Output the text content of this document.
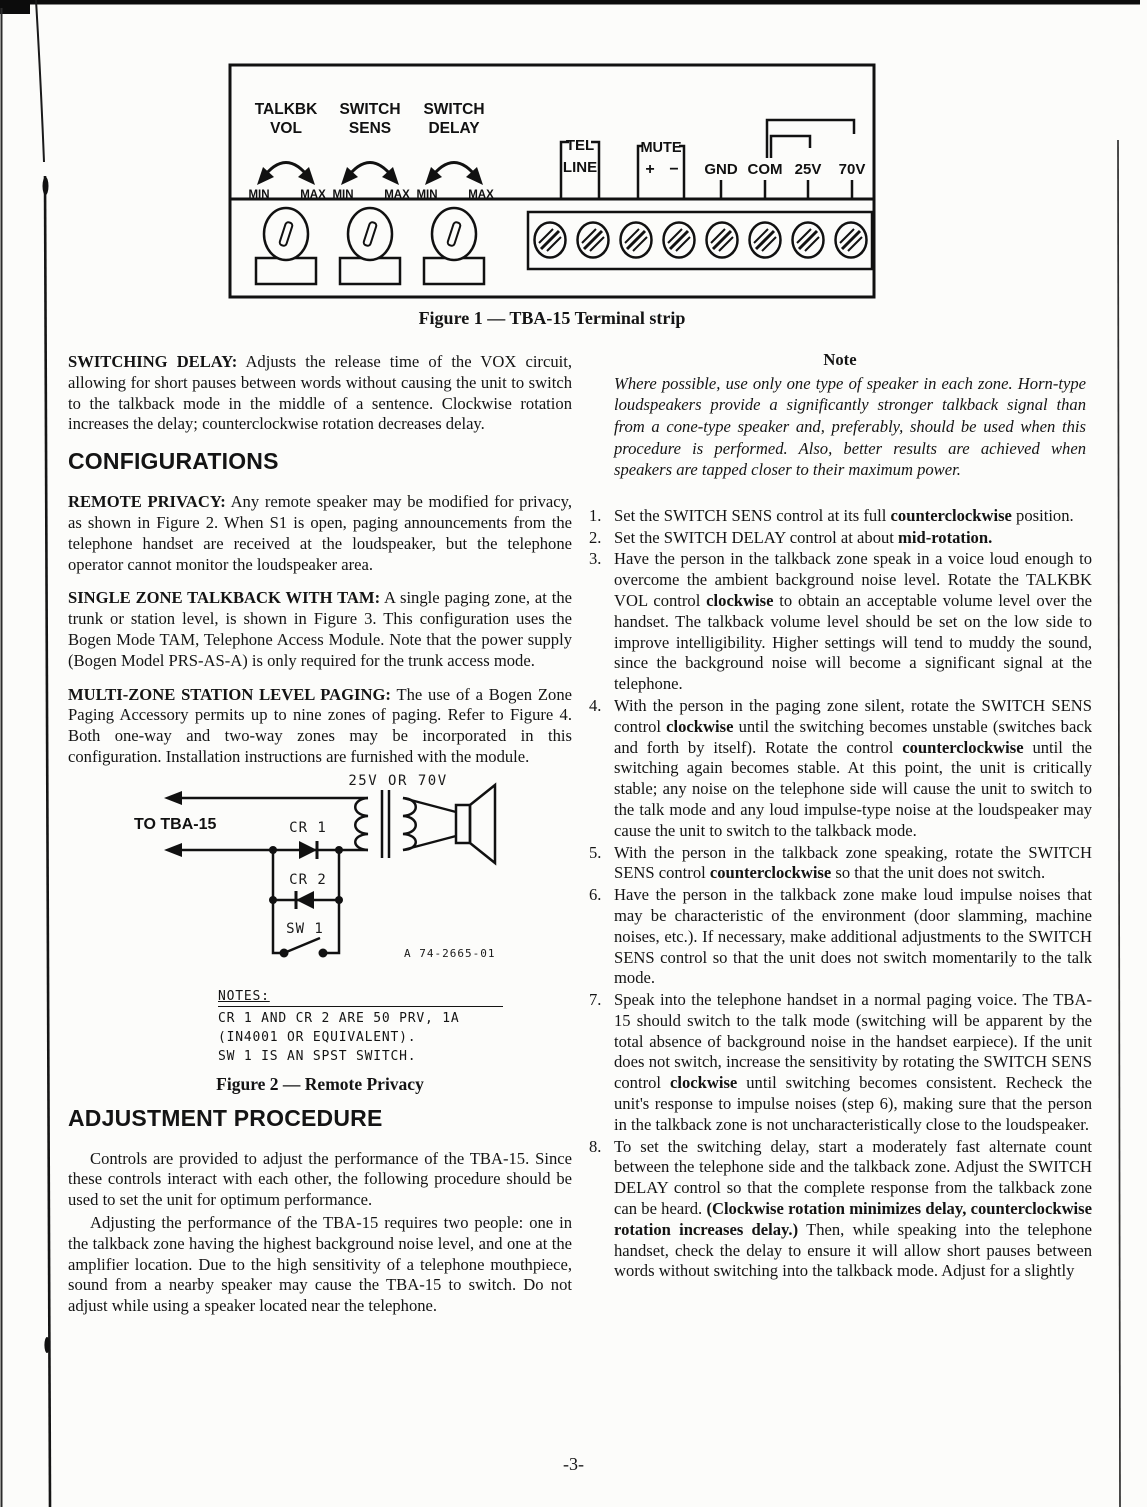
TALKBK
VOL
MIN	MAX
SWITCH
SENS
MIN	MAX
SWITCH
DELAY
MIN	MAX
TEL
LINE
MUTE
+ − GND COM 25V 70V
Figure 1 — TBA-15 Terminal strip

SWITCHING DELAY: Adjusts the release time of the VOX circuit, allowing for short pauses between words without causing the unit to switch to the talkback mode in the middle of a sentence. Clockwise rotation increases the delay; counterclockwise rotation decreases delay.

CONFIGURATIONS

REMOTE PRIVACY: Any remote speaker may be modified for privacy, as shown in Figure 2. When S1 is open, paging announcements from the telephone handset are received at the loudspeaker, but the telephone operator cannot monitor the loudspeaker area.

SINGLE ZONE TALKBACK WITH TAM: A single paging zone, at the trunk or station level, is shown in Figure 3. This configuration uses the Bogen Mode TAM, Telephone Access Module. Note that the power supply (Bogen Model PRS-AS-A) is only required for the trunk access mode.

MULTI-ZONE STATION LEVEL PAGING: The use of a Bogen Zone Paging Accessory permits up to nine zones of paging. Refer to Figure 4. Both one-way and two-way zones may be incorporated in this configuration. Installation instructions are furnished with the module.

25V OR 70V
TO TBA-15	CR 1
CR 2
SW 1
A 74-2665-01
NOTES:
CR 1 AND CR 2 ARE 50 PRV, 1A
(IN4001 OR EQUIVALENT).
SW 1 IS AN SPST SWITCH.
Figure 2 — Remote Privacy
ADJUSTMENT PROCEDURE

Controls are provided to adjust the performance of the TBA-15. Since these controls interact with each other, the following procedure should be used to set the unit for optimum performance.

Adjusting the performance of the TBA-15 requires two people: one in the talkback zone having the highest background noise level, and one at the amplifier location. Due to the high sensitivity of a telephone mouthpiece, sound from a nearby speaker may cause the TBA-15 to switch. Do not adjust while using a speaker located near the telephone.

Note
Where possible, use only one type of speaker in each zone. Horn-type loudspeakers provide a significantly stronger talkback signal than from a cone-type speaker and, preferably, should be used when this procedure is performed. Also, better results are achieved when speakers are tapped closer to their maximum power.
1. Set the SWITCH SENS control at its full counterclockwise position.
2. Set the SWITCH DELAY control at about mid-rotation.
3. Have the person in the talkback zone speak in a voice loud enough to overcome the ambient background noise level. Rotate the TALKBK VOL control clockwise to obtain an acceptable volume level over the handset. The talkback volume level should be set on the low side to improve intelligibility. Higher settings will tend to muddy the sound, since the background noise will become a significant signal at the telephone.
4. With the person in the paging zone silent, rotate the SWITCH SENS control clockwise until the switching becomes unstable (switches back and forth by itself). Rotate the control counterclockwise until the switching again becomes stable. At this point, the unit is critically stable; any noise on the telephone side will cause the unit to switch to the talk mode and any loud impulse-type noise at the loudspeaker may cause the unit to switch to the talkback mode.
5. With the person in the talkback zone speaking, rotate the SWITCH SENS control counterclockwise so that the unit does not switch.
6. Have the person in the talkback zone make loud impulse noises that may be characteristic of the environment (door slamming, machine noises, etc.). If necessary, make additional adjustments to the SWITCH SENS control so that the unit does not switch momentarily to the talk mode.
7. Speak into the telephone handset in a normal paging voice. The TBA-15 should switch to the talk mode (switching will be apparent by the total absence of background noise in the handset earpiece). If the unit does not switch, increase the sensitivity by rotating the SWITCH SENS control clockwise until switching becomes consistent. Recheck the unit's response to impulse noises (step 6), making sure that the person in the talkback zone is not uncharacteristically close to the loudspeaker.
8. To set the switching delay, start a moderately fast alternate count between the telephone side and the talkback zone. Adjust the SWITCH DELAY control so that the complete response from the talkback zone can be heard. (Clockwise rotation minimizes delay, counterclockwise rotation increases delay.) Then, while speaking into the telephone handset, check the delay to ensure it will allow short pauses between words without switching into the talkback mode. Adjust for a slightly
-3-
